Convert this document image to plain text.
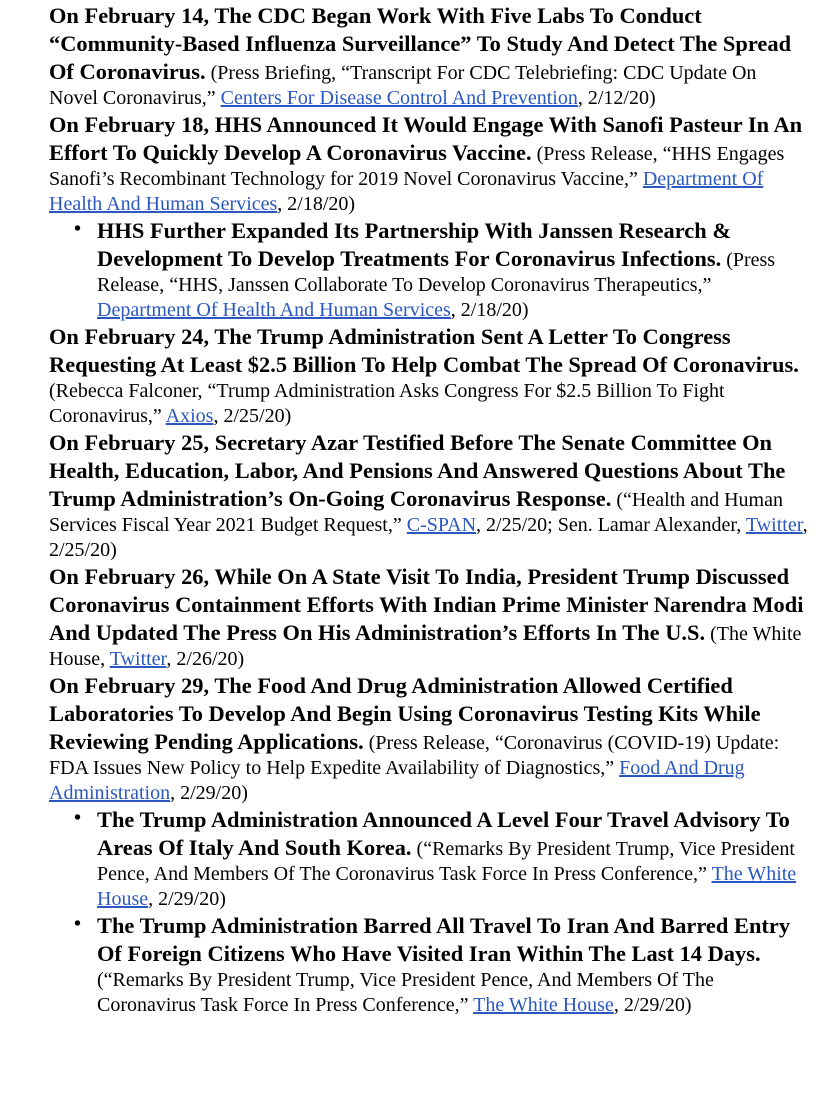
On February 14, The CDC Began Work With Five Labs To Conduct “Community-Based Influenza Surveillance” To Study And Detect The Spread Of Coronavirus. (Press Briefing, “Transcript For CDC Telebriefing: CDC Update On Novel Coronavirus,” Centers For Disease Control And Prevention, 2/12/20)

On February 18, HHS Announced It Would Engage With Sanofi Pasteur In An Effort To Quickly Develop A Coronavirus Vaccine. (Press Release, “HHS Engages Sanofi’s Recombinant Technology for 2019 Novel Coronavirus Vaccine,” Department Of Health And Human Services, 2/18/20)

• HHS Further Expanded Its Partnership With Janssen Research & Development To Develop Treatments For Coronavirus Infections. (Press Release, “HHS, Janssen Collaborate To Develop Coronavirus Therapeutics,” Department Of Health And Human Services, 2/18/20)

On February 24, The Trump Administration Sent A Letter To Congress Requesting At Least $2.5 Billion To Help Combat The Spread Of Coronavirus. (Rebecca Falconer, “Trump Administration Asks Congress For $2.5 Billion To Fight Coronavirus,” Axios, 2/25/20)

On February 25, Secretary Azar Testified Before The Senate Committee On Health, Education, Labor, And Pensions And Answered Questions About The Trump Administration’s On-Going Coronavirus Response. (“Health and Human Services Fiscal Year 2021 Budget Request,” C-SPAN, 2/25/20; Sen. Lamar Alexander, Twitter, 2/25/20)

On February 26, While On A State Visit To India, President Trump Discussed Coronavirus Containment Efforts With Indian Prime Minister Narendra Modi And Updated The Press On His Administration’s Efforts In The U.S. (The White House, Twitter, 2/26/20)

On February 29, The Food And Drug Administration Allowed Certified Laboratories To Develop And Begin Using Coronavirus Testing Kits While Reviewing Pending Applications. (Press Release, “Coronavirus (COVID-19) Update: FDA Issues New Policy to Help Expedite Availability of Diagnostics,” Food And Drug Administration, 2/29/20)

• The Trump Administration Announced A Level Four Travel Advisory To Areas Of Italy And South Korea. (“Remarks By President Trump, Vice President Pence, And Members Of The Coronavirus Task Force In Press Conference,” The White House, 2/29/20)

• The Trump Administration Barred All Travel To Iran And Barred Entry Of Foreign Citizens Who Have Visited Iran Within The Last 14 Days. (“Remarks By President Trump, Vice President Pence, And Members Of The Coronavirus Task Force In Press Conference,” The White House, 2/29/20)
